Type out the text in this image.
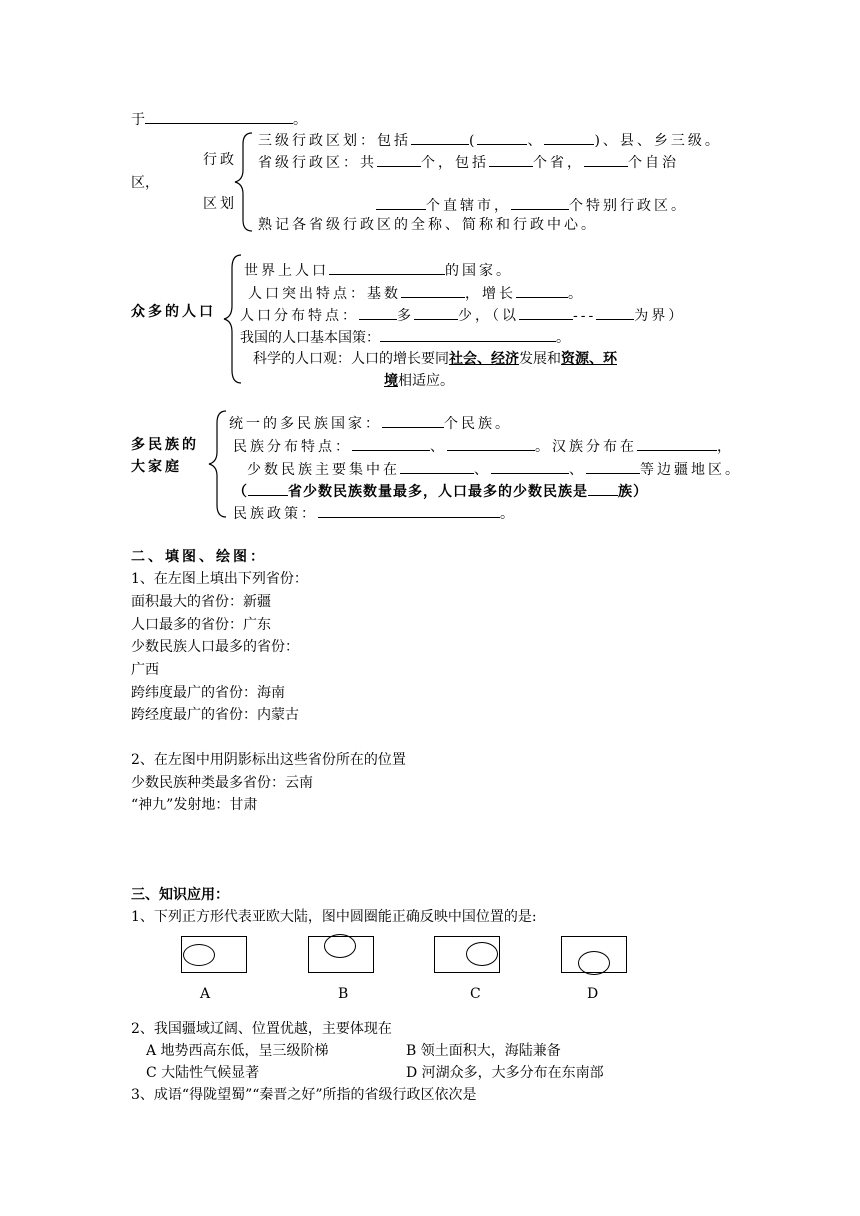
于	。
行政
区，
区划
三级行政区划：包括	(	、	)、县、乡三级。
省级行政区：共	个，包括	个省，	个自治
个直辖市，	个特别行政区。
熟记各省级行政区的全称、简称和行政中心。
众多的人口
世界上人口	的国家。
人口突出特点：基数	，增长	。
人口分布特点：	多	少，（以	---	为界）
我国的人口基本国策：	。
科学的人口观：人口的增长要同社会、经济发展和资源、环
境相适应。
多民族的
大家庭
统一的多民族国家：	个民族。
民族分布特点：	、	。汉族分布在	，
少数民族主要集中在	、	、	等边疆地区。
（	省少数民族数量最多，人口最多的少数民族是 族）
民族政策：	。
二、填图、绘图：
1、在左图上填出下列省份：
面积最大的省份：新疆
人口最多的省份：广东
少数民族人口最多的省份：
广西
跨纬度最广的省份：海南
跨经度最广的省份：内蒙古
2、在左图中用阴影标出这些省份所在的位置
少数民族种类最多省份：云南
“神九”发射地：甘肃
三、知识应用：
1、下列正方形代表亚欧大陆，图中圆圈能正确反映中国位置的是:
A	B	C	D
2、我国疆域辽阔、位置优越，主要体现在
A 地势西高东低，呈三级阶梯	B 领土面积大，海陆兼备
C 大陆性气候显著	D 河湖众多，大多分布在东南部
3、成语“得陇望蜀”“秦晋之好”所指的省级行政区依次是
